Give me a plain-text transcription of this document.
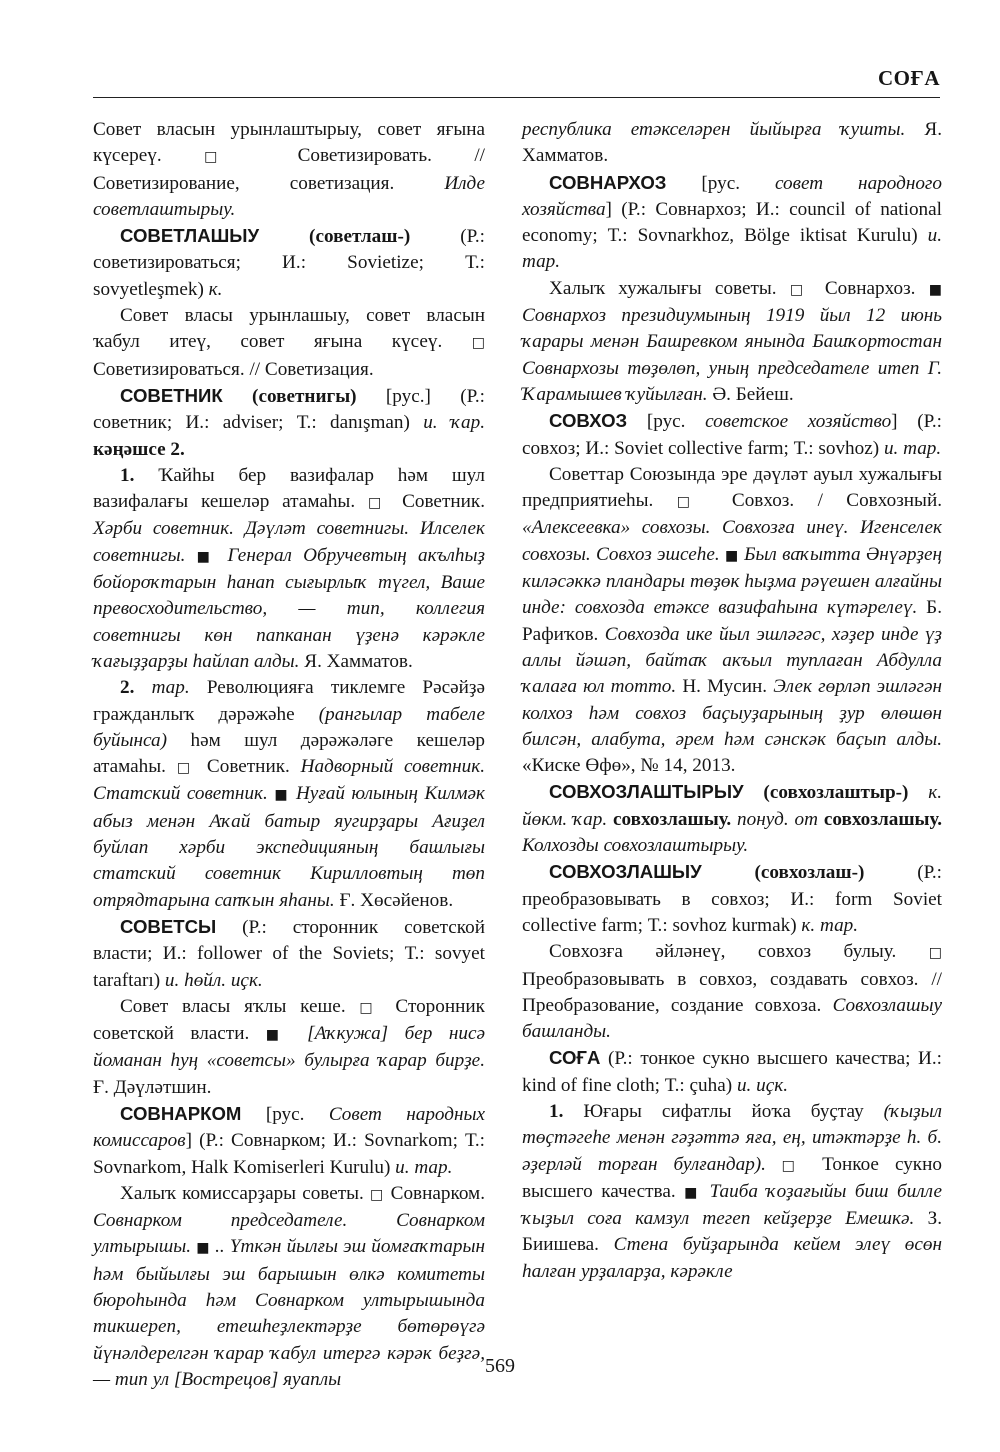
СОҒА

Совет власын урынлаштырыу, совет яғына күсереү. □ Советизировать. // Советизирование, советизация. Илде советлаштырыу.

СОВЕТЛАШЫУ (советлаш-) (Р.: советизироваться; И.: Sovietize; Т.: sovyetleşmek) к.

Совет власы урынлашыу, совет власын ҡабул итеү, совет яғына күсеү. □ Советизироваться. // Советизация.

СОВЕТНИК (советнигы) [рус.] (Р.: советник; И.: adviser; Т.: danışman) и. ҡар. кәңәшсе 2.

1. Ҡайһы бер вазифалар һәм шул вазифалағы кешеләр атамаһы. □ Советник. Хәрби советник. Дәүләт советнигы. Илселек советнигы. ■ Генерал Обручевтың акълһыҙ бойороҡтарын һанап сығырлыҡ түгел, Ваше превосходительство, — тип, коллегия советнигы көн папканан үҙенә кәрәкле ҡағыҙҙарҙы һайлап алды. Я. Хамматов.

2. тар. Революцияға тиклемге Рәсәйҙә гражданлыҡ дәрәжәһе (рангылар табеле буйынса) һәм шул дәрәжәләге кешеләр атамаһы. □ Советник. Надворный советник. Статский советник. ■ Нуғай юлының Килмәк абыз менән Аҡай батыр яугирҙары Ағиҙел буйлап хәрби экспедицияның башлығы статский советник Кирилловтың төп отрядтарына сапҡын яһаны. Ғ. Хөсәйенов.

СОВЕТСЫ (Р.: сторонник советской власти; И.: follower of the Soviets; Т.: sovyet taraftarı) и. һөйл. иҫк.

Совет власы яҡлы кеше. □ Сторонник советской власти. ■ [Аҡкужа] бер нисә йоманан һуң «советсы» булырға ҡарар бирҙе. Ғ. Дәүләтшин.

СОВНАРКОМ [рус. Совет народных комиссаров] (Р.: Совнарком; И.: Sovnarkom; Т.: Sovnarkom, Halk Komiserleri Kurulu) и. тар.

Халыҡ комиссарҙары советы. □ Совнарком. Совнарком председателе. Совнарком ултырышы. ■ .. Үткән йылғы эш йомғаҡтарын һәм быйылғы эш барышын өлкә комитеты бюроһында һәм Совнарком ултырышында тикшереп, етешһеҙлектәрҙе бөтөрөүгә йүнәлдерелгән ҡарар ҡабул итергә кәрәк беҙгә, — тип ул [Вострецов] яуаплы

республика етәкселәрен йыйырға ҡушты. Я. Хамматов.

СОВНАРХОЗ [рус. совет народного хозяйства] (Р.: Совнархоз; И.: council of national economy; Т.: Sovnarkhoz, Bölge iktisat Kurulu) и. тар.

Халыҡ хужалығы советы. □ Совнархоз. ■ Совнархоз президиумының 1919 йыл 12 июнь ҡарары менән Башревком янында Башҡортостан Совнархозы төҙөлөп, уның председателе итеп Г. Ҡарамышев ҡуйылған. Ә. Бейеш.

СОВХОЗ [рус. советское хозяйство] (Р.: совхоз; И.: Soviet collective farm; Т.: sovhoz) и. тар.

Советтар Союзында эре дәүләт ауыл хужалығы предприятиеһы. □ Совхоз. / Совхозный. «Алексеевка» совхозы. Совхозға инеү. Игенселек совхозы. Совхоз эшсеһе. ■ Был ваҡытта Әнүәрҙең киләсәккә пландары төҙөк һыҙма рәүешен алғайны инде: совхозда етәксе вазифаһына күтәрелеү. Б. Рафиҡов. Совхозда ике йыл эшләгәс, хәҙер инде үҙ аллы йәшәп, байтаҡ акъыл туплаған Абдулла ҡалаға юл тотто. Н. Мусин. Элек гөрләп эшләгән колхоз һәм совхоз баҫыуҙарының ҙур өлөшөн билсән, алабута, әрем һәм сәнскәк баҫып алды. «Киске Өфө», № 14, 2013.

СОВХОЗЛАШТЫРЫУ (совхозлаштыр-) к. йөкм. ҡар. совхозлашыу. понуд. от совхозлашыу. Колхозды совхозлаштырыу.

СОВХОЗЛАШЫУ (совхозлаш-) (Р.: преобразовывать в совхоз; И.: form Soviet collective farm; Т.: sovhoz kurmak) к. тар.

Совхозға әйләнеү, совхоз булыу. □ Преобразовывать в совхоз, создавать совхоз. // Преобразование, создание совхоза. Совхозлашыу башланды.

СОҒА (Р.: тонкое сукно высшего качества; И.: kind of fine cloth; Т.: çuha) и. иҫк.

1. Юғары сифатлы йоҡа буҫтау (ҡыҙыл төҫтәгеһе менән гәҙәттә яға, ең, итәктәрҙе һ. б. әҙерләй торған булғандар). □ Тонкое сукно высшего качества. ■ Таиба ҡоҙағыйы биш билле ҡыҙыл соға камзул тегеп кейҙерҙе Емешкә. З. Биишева. Стена буйҙарында кейем элеү өсөн һалған урҙаларҙа, кәрәкле

569
